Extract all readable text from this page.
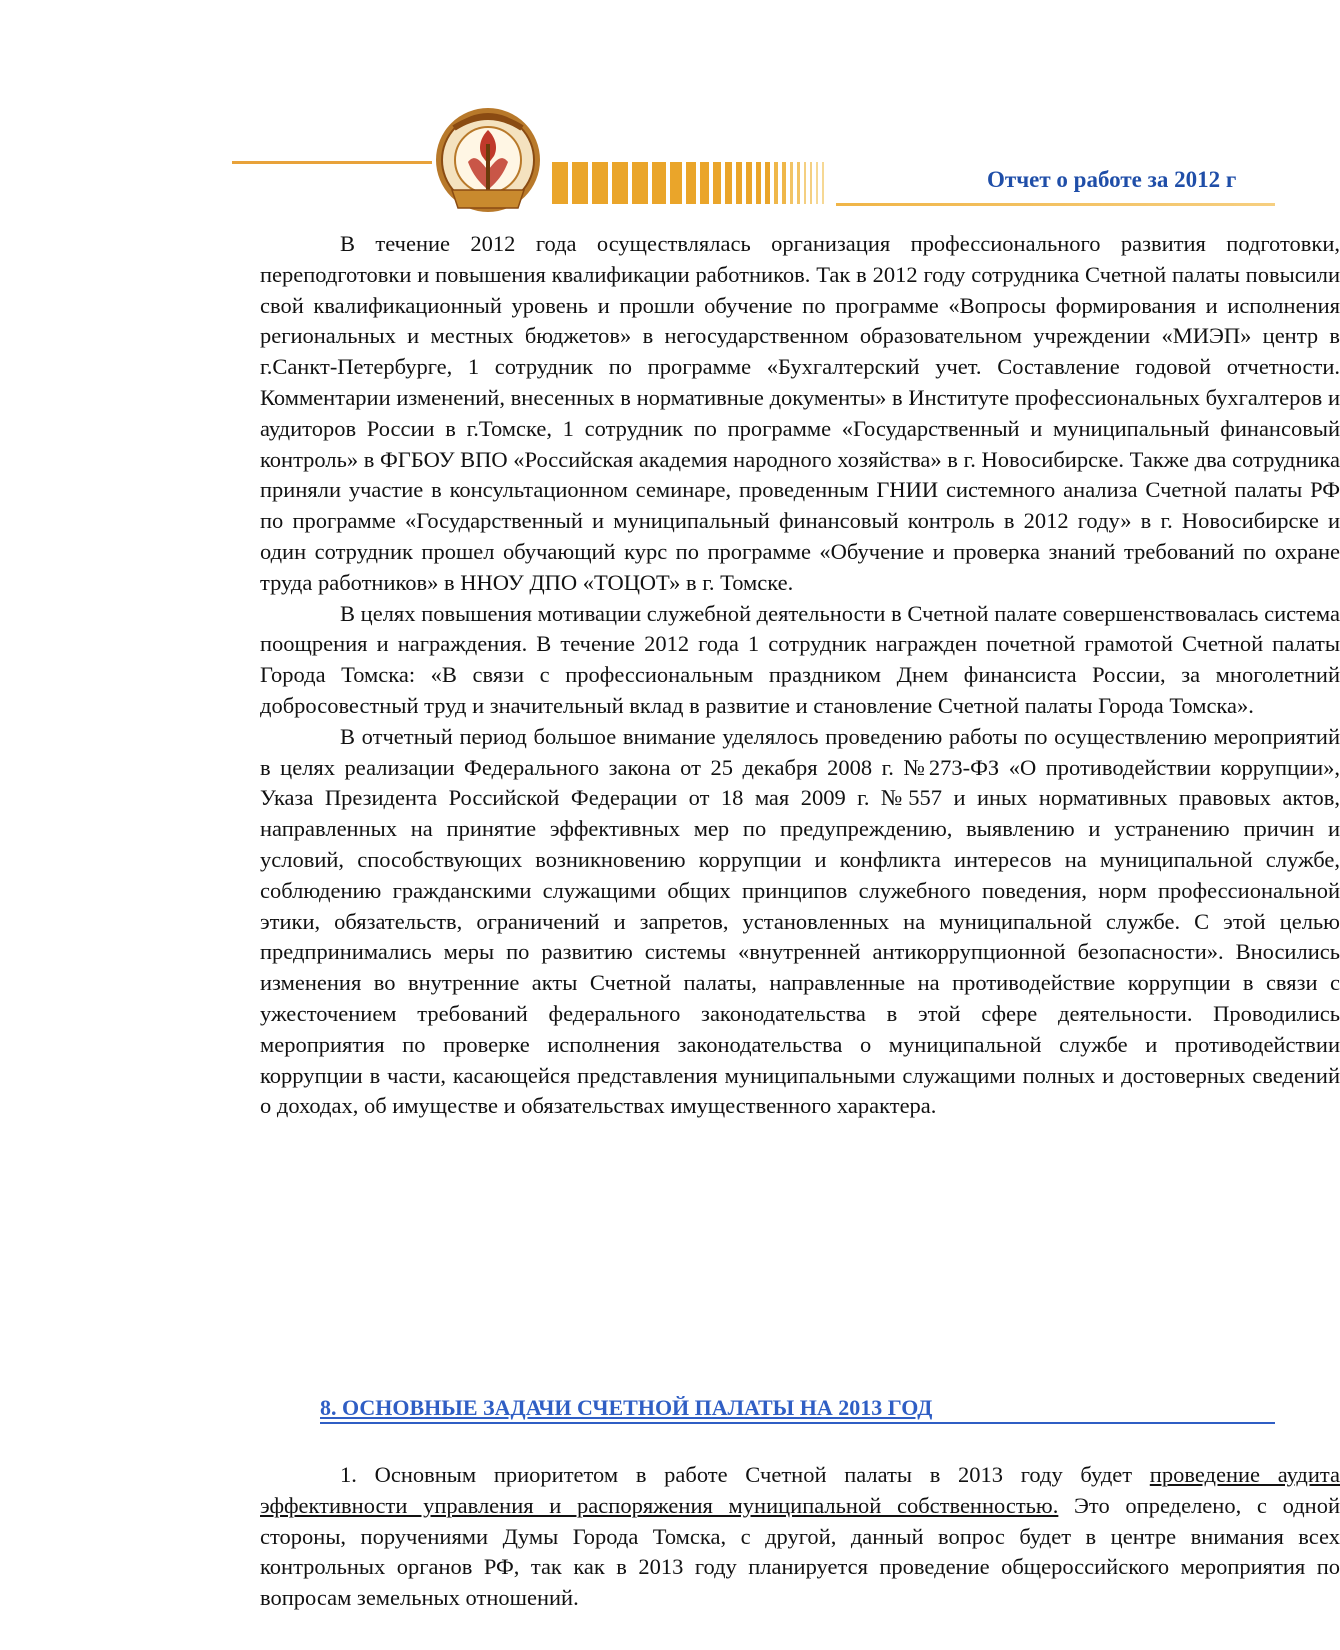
Отчет о работе за 2012 г

В течение 2012 года осуществлялась организация профессионального развития подготовки, переподготовки и повышения квалификации работников. Так в 2012 году сотрудника Счетной палаты повысили свой квалификационный уровень и прошли обучение по программе «Вопросы формирования и исполнения региональных и местных бюджетов» в негосударственном образовательном учреждении «МИЭП» центр в г.Санкт-Петербурге, 1 сотрудник по программе «Бухгалтерский учет. Составление годовой отчетности. Комментарии изменений, внесенных в нормативные документы» в Институте профессиональных бухгалтеров и аудиторов России в г.Томске, 1 сотрудник по программе «Государственный и муниципальный финансовый контроль» в ФГБОУ ВПО «Российская академия народного хозяйства» в г. Новосибирске. Также два сотрудника приняли участие в консультационном семинаре, проведенным ГНИИ системного анализа Счетной палаты РФ по программе «Государственный и муниципальный финансовый контроль в 2012 году» в г. Новосибирске и один сотрудник прошел обучающий курс по программе «Обучение и проверка знаний требований по охране труда работников» в ННОУ ДПО «ТОЦОТ» в г. Томске.

В целях повышения мотивации служебной деятельности в Счетной палате совершенствовалась система поощрения и награждения. В течение 2012 года 1 сотрудник награжден почетной грамотой Счетной палаты Города Томска: «В связи с профессиональным праздником Днем финансиста России, за многолетний добросовестный труд и значительный вклад в развитие и становление Счетной палаты Города Томска».

В отчетный период большое внимание уделялось проведению работы по осуществлению мероприятий в целях реализации Федерального закона от 25 декабря 2008 г. №273-ФЗ «О противодействии коррупции», Указа Президента Российской Федерации от 18 мая 2009 г. №557 и иных нормативных правовых актов, направленных на принятие эффективных мер по предупреждению, выявлению и устранению причин и условий, способствующих возникновению коррупции и конфликта интересов на муниципальной службе, соблюдению гражданскими служащими общих принципов служебного поведения, норм профессиональной этики, обязательств, ограничений и запретов, установленных на муниципальной службе. С этой целью предпринимались меры по развитию системы «внутренней антикоррупционной безопасности». Вносились изменения во внутренние акты Счетной палаты, направленные на противодействие коррупции в связи с ужесточением требований федерального законодательства в этой сфере деятельности. Проводились мероприятия по проверке исполнения законодательства о муниципальной службе и противодействии коррупции в части, касающейся представления муниципальными служащими полных и достоверных сведений о доходах, об имуществе и обязательствах имущественного характера.

8. ОСНОВНЫЕ ЗАДАЧИ СЧЕТНОЙ ПАЛАТЫ НА 2013 ГОД

1. Основным приоритетом в работе Счетной палаты в 2013 году будет проведение аудита эффективности управления и распоряжения муниципальной собственностью. Это определено, с одной стороны, поручениями Думы Города Томска, с другой, данный вопрос будет в центре внимания всех контрольных органов РФ, так как в 2013 году планируется проведение общероссийского мероприятия по вопросам земельных отношений.
